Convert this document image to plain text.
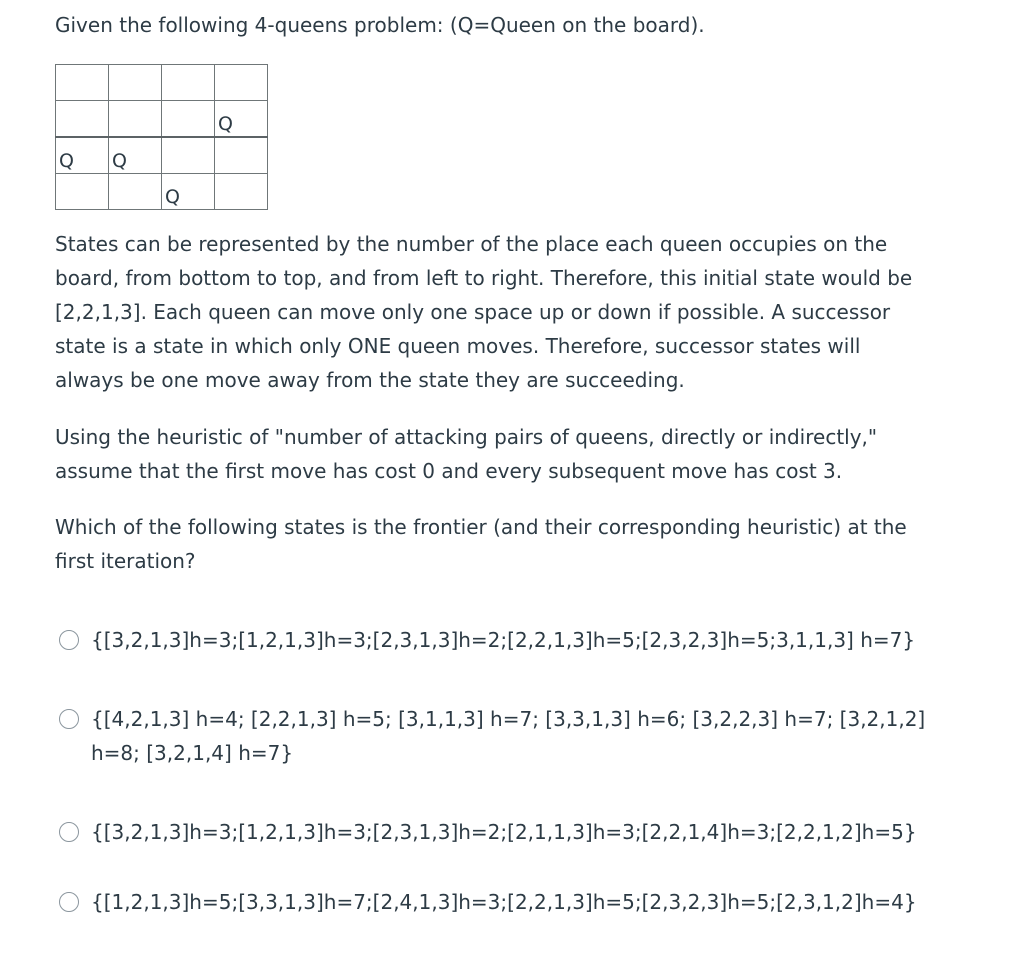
Given the following 4-queens problem: (Q=Queen on the board).

			Q

Q	Q		

		Q	

States can be represented by the number of the place each queen occupies on the board, from bottom to top, and from left to right. Therefore, this initial state would be [2,2,1,3]. Each queen can move only one space up or down if possible. A successor state is a state in which only ONE queen moves. Therefore, successor states will always be one move away from the state they are succeeding.

Using the heuristic of "number of attacking pairs of queens, directly or indirectly," assume that the first move has cost 0 and every subsequent move has cost 3.

Which of the following states is the frontier (and their corresponding heuristic) at the first iteration?

{[3,2,1,3]h=3;[1,2,1,3]h=3;[2,3,1,3]h=2;[2,2,1,3]h=5;[2,3,2,3]h=5;3,1,1,3] h=7}
{[4,2,1,3] h=4; [2,2,1,3] h=5; [3,1,1,3] h=7; [3,3,1,3] h=6; [3,2,2,3] h=7; [3,2,1,2] h=8; [3,2,1,4] h=7}
{[3,2,1,3]h=3;[1,2,1,3]h=3;[2,3,1,3]h=2;[2,1,1,3]h=3;[2,2,1,4]h=3;[2,2,1,2]h=5}
{[1,2,1,3]h=5;[3,3,1,3]h=7;[2,4,1,3]h=3;[2,2,1,3]h=5;[2,3,2,3]h=5;[2,3,1,2]h=4}
